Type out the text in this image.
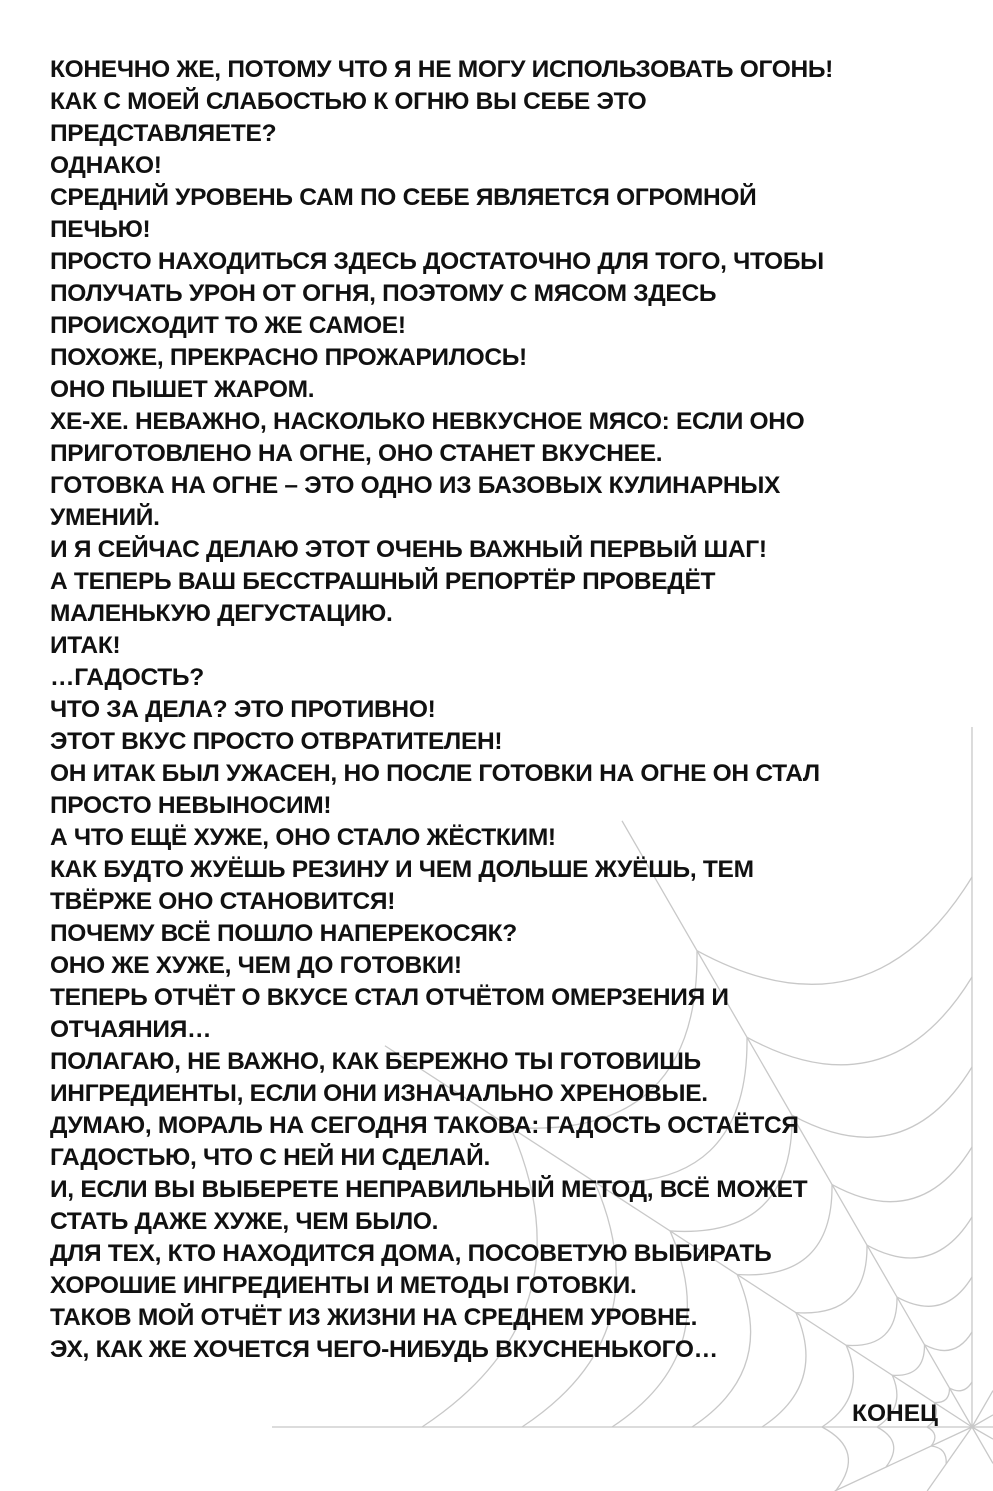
КОНЕЧНО ЖЕ, ПОТОМУ ЧТО Я НЕ МОГУ ИСПОЛЬЗОВАТЬ ОГОНЬ!
КАК С МОЕЙ СЛАБОСТЬЮ К ОГНЮ ВЫ СЕБЕ ЭТО
ПРЕДСТАВЛЯЕТЕ?
ОДНАКО!
СРЕДНИЙ УРОВЕНЬ САМ ПО СЕБЕ ЯВЛЯЕТСЯ ОГРОМНОЙ
ПЕЧЬЮ!
ПРОСТО НАХОДИТЬСЯ ЗДЕСЬ ДОСТАТОЧНО ДЛЯ ТОГО, ЧТОБЫ
ПОЛУЧАТЬ УРОН ОТ ОГНЯ, ПОЭТОМУ С МЯСОМ ЗДЕСЬ
ПРОИСХОДИТ ТО ЖЕ САМОЕ!
ПОХОЖЕ, ПРЕКРАСНО ПРОЖАРИЛОСЬ!
ОНО ПЫШЕТ ЖАРОМ.
ХЕ-ХЕ. НЕВАЖНО, НАСКОЛЬКО НЕВКУСНОЕ МЯСО: ЕСЛИ ОНО
ПРИГОТОВЛЕНО НА ОГНЕ, ОНО СТАНЕТ ВКУСНЕЕ.
ГОТОВКА НА ОГНЕ – ЭТО ОДНО ИЗ БАЗОВЫХ КУЛИНАРНЫХ
УМЕНИЙ.
И Я СЕЙЧАС ДЕЛАЮ ЭТОТ ОЧЕНЬ ВАЖНЫЙ ПЕРВЫЙ ШАГ!
А ТЕПЕРЬ ВАШ БЕССТРАШНЫЙ РЕПОРТЁР ПРОВЕДЁТ
МАЛЕНЬКУЮ ДЕГУСТАЦИЮ.
ИТАК!
…ГАДОСТЬ?
ЧТО ЗА ДЕЛА? ЭТО ПРОТИВНО!
ЭТОТ ВКУС ПРОСТО ОТВРАТИТЕЛЕН!
ОН ИТАК БЫЛ УЖАСЕН, НО ПОСЛЕ ГОТОВКИ НА ОГНЕ ОН СТАЛ
ПРОСТО НЕВЫНОСИМ!
А ЧТО ЕЩЁ ХУЖЕ, ОНО СТАЛО ЖЁСТКИМ!
КАК БУДТО ЖУЁШЬ РЕЗИНУ И ЧЕМ ДОЛЬШЕ ЖУЁШЬ, ТЕМ
ТВЁРЖЕ ОНО СТАНОВИТСЯ!
ПОЧЕМУ ВСЁ ПОШЛО НАПЕРЕКОСЯК?
ОНО ЖЕ ХУЖЕ, ЧЕМ ДО ГОТОВКИ!
ТЕПЕРЬ ОТЧЁТ О ВКУСЕ СТАЛ ОТЧЁТОМ ОМЕРЗЕНИЯ И
ОТЧАЯНИЯ…
ПОЛАГАЮ, НЕ ВАЖНО, КАК БЕРЕЖНО ТЫ ГОТОВИШЬ
ИНГРЕДИЕНТЫ, ЕСЛИ ОНИ ИЗНАЧАЛЬНО ХРЕНОВЫЕ.
ДУМАЮ, МОРАЛЬ НА СЕГОДНЯ ТАКОВА: ГАДОСТЬ ОСТАЁТСЯ
ГАДОСТЬЮ, ЧТО С НЕЙ НИ СДЕЛАЙ.
И, ЕСЛИ ВЫ ВЫБЕРЕТЕ НЕПРАВИЛЬНЫЙ МЕТОД, ВСЁ МОЖЕТ
СТАТЬ ДАЖЕ ХУЖЕ, ЧЕМ БЫЛО.
ДЛЯ ТЕХ, КТО НАХОДИТСЯ ДОМА, ПОСОВЕТУЮ ВЫБИРАТЬ
ХОРОШИЕ ИНГРЕДИЕНТЫ И МЕТОДЫ ГОТОВКИ.
ТАКОВ МОЙ ОТЧЁТ ИЗ ЖИЗНИ НА СРЕДНЕМ УРОВНЕ.
ЭХ, КАК ЖЕ ХОЧЕТСЯ ЧЕГО-НИБУДЬ ВКУСНЕНЬКОГО…
КОНЕЦ
